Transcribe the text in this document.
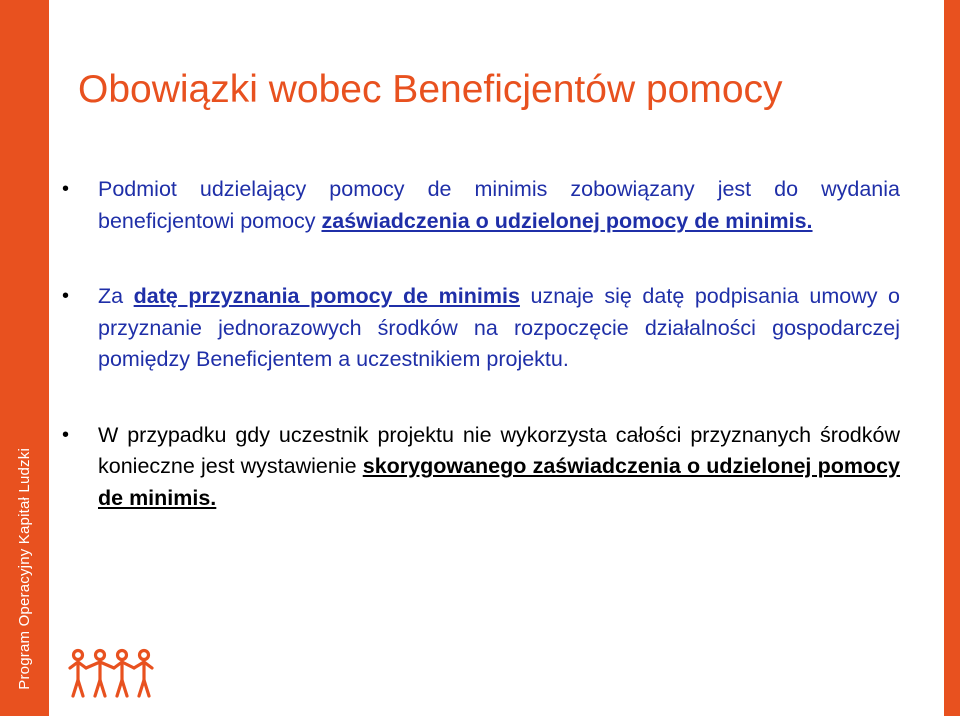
Program Operacyjny Kapitał Ludzki
Obowiązki wobec Beneficjentów pomocy
• Podmiot udzielający pomocy de minimis zobowiązany jest do wydania beneficjentowi pomocy zaświadczenia o udzielonej pomocy de minimis.
• Za datę przyznania pomocy de minimis uznaje się datę podpisania umowy o przyznanie jednorazowych środków na rozpoczęcie działalności gospodarczej pomiędzy Beneficjentem a uczestnikiem projektu.
• W przypadku gdy uczestnik projektu nie wykorzysta całości przyznanych środków konieczne jest wystawienie skorygowanego zaświadczenia o udzielonej pomocy de minimis.
